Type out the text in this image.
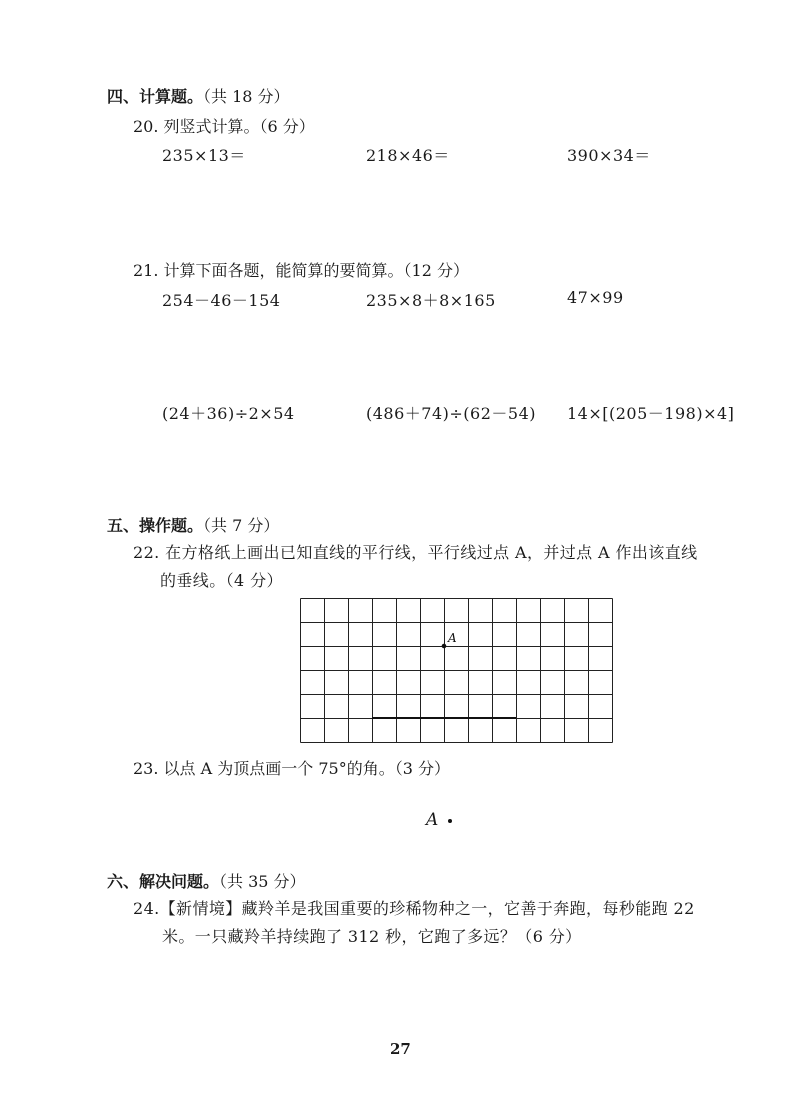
四、计算题。（共 18 分）
20. 列竖式计算。（6 分）
235×13＝	218×46＝	390×34＝
21. 计算下面各题，能简算的要简算。（12 分）
254－46－154	235×8＋8×165	47×99
(24＋36)÷2×54	(486＋74)÷(62－54) 14×[(205－198)×4]
五、操作题。（共 7 分）
22. 在方格纸上画出已知直线的平行线，平行线过点 A，并过点 A 作出该直线
的垂线。（4 分）
A
23. 以点 A 为顶点画一个 75°的角。（3 分）
A
六、解决问题。（共 35 分）
24.【新情境】藏羚羊是我国重要的珍稀物种之一，它善于奔跑，每秒能跑 22
米。一只藏羚羊持续跑了 312 秒，它跑了多远？（6 分）
27
